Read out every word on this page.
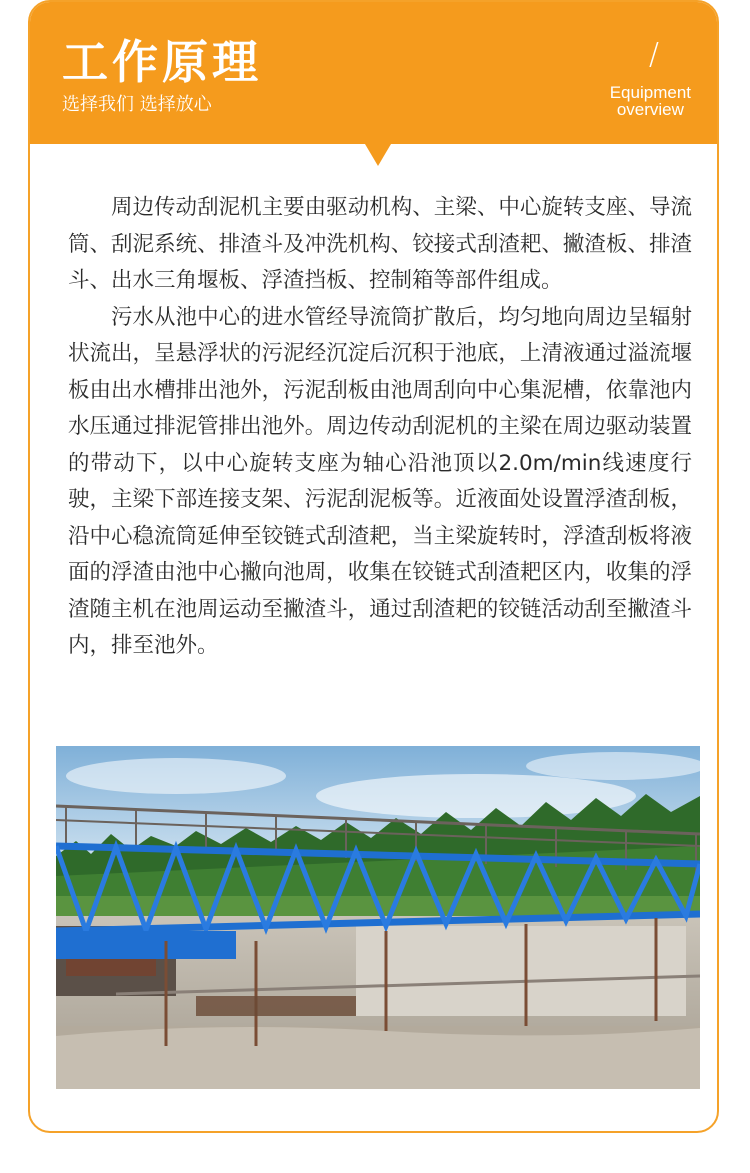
工作原理
选择我们 选择放心
/
Equipment
overview

周边传动刮泥机主要由驱动机构、主梁、中心旋转支座、导流筒、刮泥系统、排渣斗及冲洗机构、铰接式刮渣耙、撇渣板、排渣斗、出水三角堰板、浮渣挡板、控制箱等部件组成。

污水从池中心的进水管经导流筒扩散后，均匀地向周边呈辐射状流出，呈悬浮状的污泥经沉淀后沉积于池底，上清液通过溢流堰板由出水槽排出池外，污泥刮板由池周刮向中心集泥槽，依靠池内水压通过排泥管排出池外。周边传动刮泥机的主梁在周边驱动装置的带动下，以中心旋转支座为轴心沿池顶以2.0m/min线速度行驶，主梁下部连接支架、污泥刮泥板等。近液面处设置浮渣刮板，沿中心稳流筒延伸至铰链式刮渣耙，当主梁旋转时，浮渣刮板将液面的浮渣由池中心撇向池周，收集在铰链式刮渣耙区内，收集的浮渣随主机在池周运动至撇渣斗，通过刮渣耙的铰链活动刮至撇渣斗内，排至池外。
